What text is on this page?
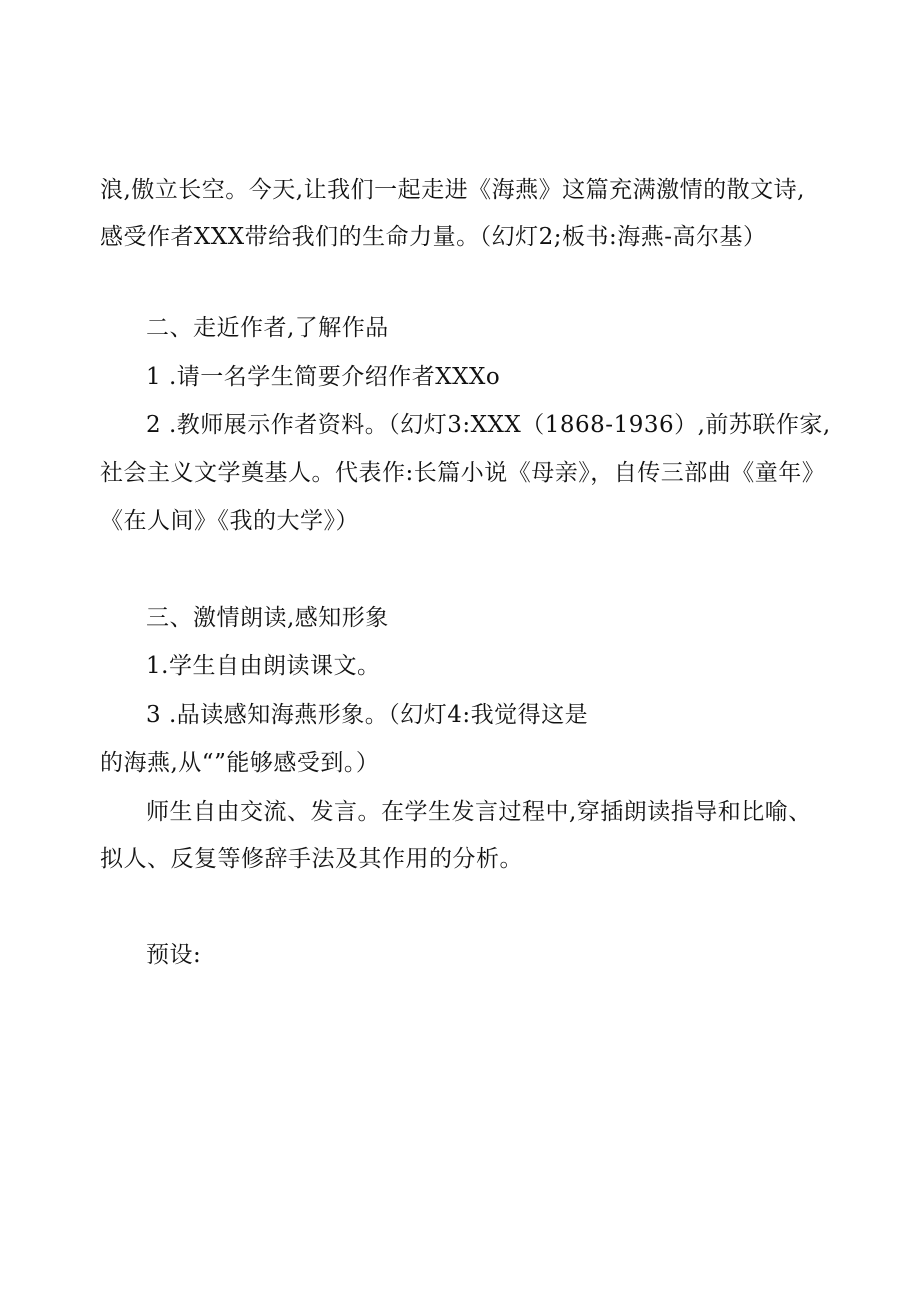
浪,傲立长空。今天,让我们一起走进《海燕》这篇充满激情的散文诗,
感受作者XXX带给我们的生命力量。（幻灯2;板书:海燕-高尔基）
二、走近作者,了解作品
1 .请一名学生简要介绍作者XXXo
2 .教师展示作者资料。（幻灯3:XXX（1868-1936）,前苏联作家,
社会主义文学奠基人。代表作:长篇小说《母亲》，自传三部曲《童年》
《在人间》《我的大学》）
三、激情朗读,感知形象
1.学生自由朗读课文。
3 .品读感知海燕形象。（幻灯4:我觉得这是
的海燕,从“”能够感受到。）
师生自由交流、发言。在学生发言过程中,穿插朗读指导和比喻、
拟人、反复等修辞手法及其作用的分析。
预设:
